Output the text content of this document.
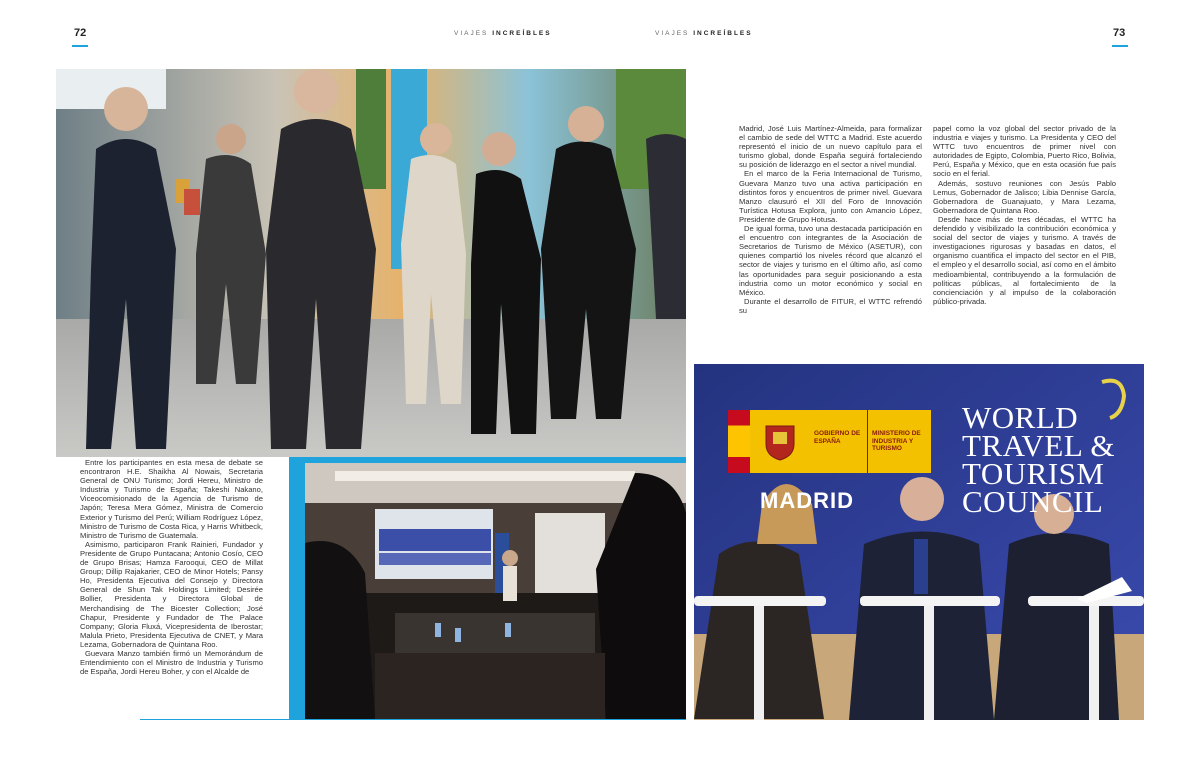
72	73
VIAJES INCREÍBLES	VIAJES INCREÍBLES

Entre los participantes en esta mesa de debate se encontraron H.E. Shaikha Al Nowais, Secretaria General de ONU Turismo; Jordi Hereu, Ministro de Industria y Turismo de España; Takeshi Nakano, Viceocomisionado de la Agencia de Turismo de Japón; Teresa Mera Gómez, Ministra de Comercio Exterior y Turismo del Perú; William Rodríguez López, Ministro de Turismo de Costa Rica, y Harris Whitbeck, Ministro de Turismo de Guatemala.

Asimismo, participaron Frank Rainieri, Fundador y Presidente de Grupo Puntacana; Antonio Cosío, CEO de Grupo Brisas; Hamza Farooqui, CEO de Millat Group; Dillip Rajakarier, CEO de Minor Hotels; Pansy Ho, Presidenta Ejecutiva del Consejo y Directora General de Shun Tak Holdings Limited; Desirée Bollier, Presidenta y Directora Global de Merchandising de The Bicester Collection; José Chapur, Presidente y Fundador de The Palace Company; Gloria Fluxá, Vicepresidenta de Iberostar; Malula Prieto, Presidenta Ejecutiva de CNET, y Mara Lezama, Gobernadora de Quintana Roo.

Guevara Manzo también firmó un Memorándum de Entendimiento con el Ministro de Industria y Turismo de España, Jordi Hereu Boher, y con el Alcalde de

Madrid, José Luis Martínez-Almeida, para formalizar el cambio de sede del WTTC a Madrid. Este acuerdo representó el inicio de un nuevo capítulo para el turismo global, donde España seguirá fortaleciendo su posición de liderazgo en el sector a nivel mundial.

En el marco de la Feria Internacional de Turismo, Guevara Manzo tuvo una activa participación en distintos foros y encuentros de primer nivel. Guevara Manzo clausuró el XII del Foro de Innovación Turística Hotusa Explora, junto con Amancio López, Presidente de Grupo Hotusa.

De igual forma, tuvo una destacada participación en el encuentro con integrantes de la Asociación de Secretarios de Turismo de México (ASETUR), con quienes compartió los niveles récord que alcanzó el sector de viajes y turismo en el último año, así como las oportunidades para seguir posicionando a esta industria como un motor económico y social en México.

Durante el desarrollo de FITUR, el WTTC refrendó su

papel como la voz global del sector privado de la industria e viajes y turismo. La Presidenta y CEO del WTTC tuvo encuentros de primer nivel con autoridades de Egipto, Colombia, Puerto Rico, Bolivia, Perú, España y México, que en esta ocasión fue país socio en el ferial.

Además, sostuvo reuniones con Jesús Pablo Lemus, Gobernador de Jalisco; Libia Dennise García, Gobernadora de Guanajuato, y Mara Lezama, Gobernadora de Quintana Roo.

Desde hace más de tres décadas, el WTTC ha defendido y visibilizado la contribución económica y social del sector de viajes y turismo. A través de investigaciones rigurosas y basadas en datos, el organismo cuantifica el impacto del sector en el PIB, el empleo y el desarrollo social, así como en el ámbito medioambiental, contribuyendo a la formulación de políticas públicas, al fortalecimiento de la concienciación y al impulso de la colaboración público-privada.

GOBIERNO DE ESPAÑA
MINISTERIO DE INDUSTRIA Y TURISMO
MADRID
WORLD
TRAVEL &
TOURISM
COUNCIL
